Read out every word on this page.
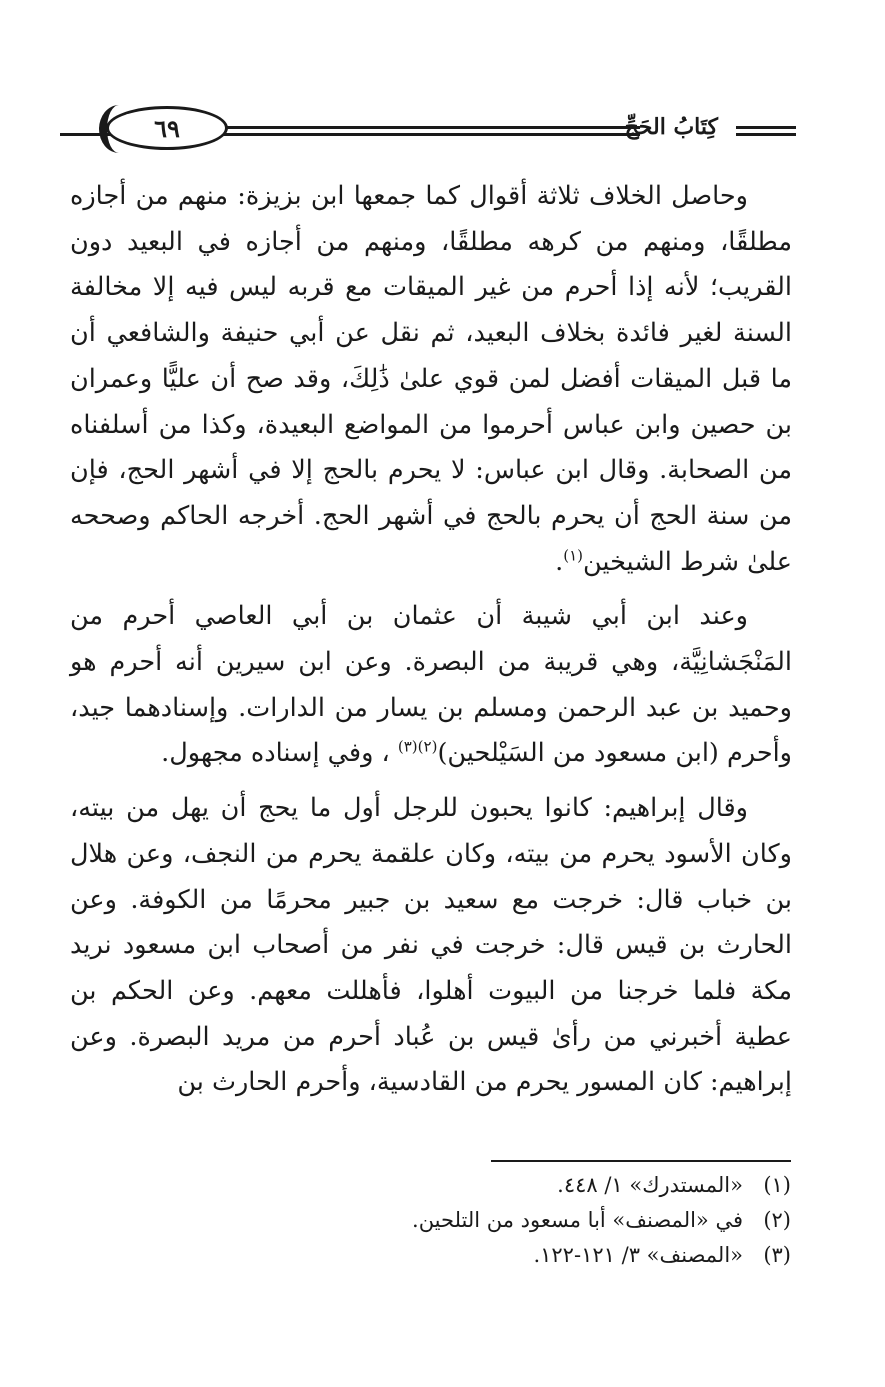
كِتَابُ الحَجِّ
٦٩

وحاصل الخلاف ثلاثة أقوال كما جمعها ابن بزيزة: منهم من أجازه مطلقًا، ومنهم من كرهه مطلقًا، ومنهم من أجازه في البعيد دون القريب؛ لأنه إذا أحرم من غير الميقات مع قربه ليس فيه إلا مخالفة السنة لغير فائدة بخلاف البعيد، ثم نقل عن أبي حنيفة والشافعي أن ما قبل الميقات أفضل لمن قوي علىٰ ذَٰلِكَ، وقد صح أن عليًّا وعمران بن حصين وابن عباس أحرموا من المواضع البعيدة، وكذا من أسلفناه من الصحابة. وقال ابن عباس: لا يحرم بالحج إلا في أشهر الحج، فإن من سنة الحج أن يحرم بالحج في أشهر الحج. أخرجه الحاكم وصححه علىٰ شرط الشيخين$^{(١)}$.

وعند ابن أبي شيبة أن عثمان بن أبي العاصي أحرم من المَنْجَشانِيَّة، وهي قريبة من البصرة. وعن ابن سيرين أنه أحرم هو وحميد بن عبد الرحمن ومسلم بن يسار من الدارات. وإسنادهما جيد، وأحرم (ابن مسعود من السَيْلحين)$^{(٢)(٣)}$ ، وفي إسناده مجهول.

وقال إبراهيم: كانوا يحبون للرجل أول ما يحج أن يهل من بيته، وكان الأسود يحرم من بيته، وكان علقمة يحرم من النجف، وعن هلال بن خباب قال: خرجت مع سعيد بن جبير محرمًا من الكوفة. وعن الحارث بن قيس قال: خرجت في نفر من أصحاب ابن مسعود نريد مكة فلما خرجنا من البيوت أهلوا، فأهللت معهم. وعن الحكم بن عطية أخبرني من رأىٰ قيس بن عُباد أحرم من مريد البصرة. وعن إبراهيم: كان المسور يحرم من القادسية، وأحرم الحارث بن

(١)«المستدرك» ١/ ٤٤٨.
(٢)في «المصنف» أبا مسعود من التلحين.
(٣)«المصنف» ٣/ ١٢١-١٢٢.
